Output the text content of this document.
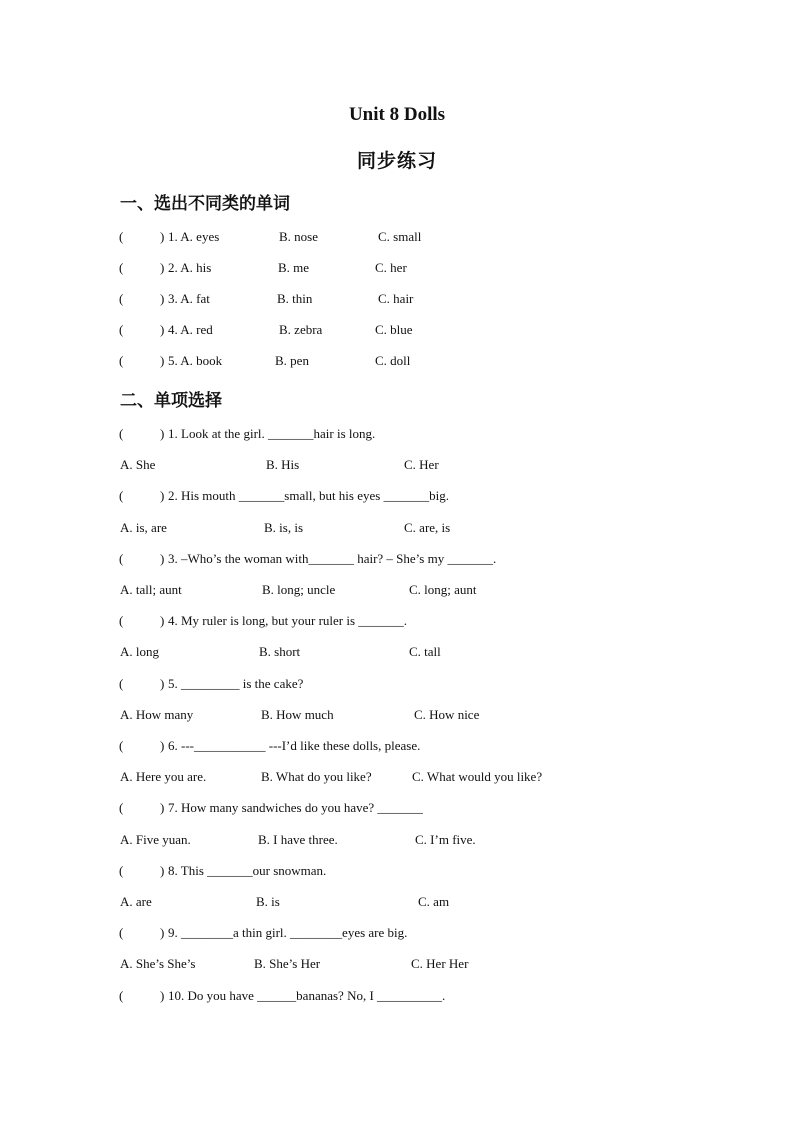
Unit 8 Dolls
同步练习
一、选出不同类的单词
(	) 1. A. eyes	B. nose	C. small
(	) 2. A. his	B. me	C. her
(	) 3. A. fat	B. thin	C. hair
(	) 4. A. red	B. zebra	C. blue
(	) 5. A. book	B. pen	C. doll
二、单项选择
(	) 1. Look at the girl. _______hair is long.
A. She	B. His	C. Her
(	) 2. His mouth _______small, but his eyes _______big.
A. is, are	B. is, is	C. are, is
(	) 3. –Who’s the woman with_______ hair? – She’s my _______.
A. tall; aunt	B. long; uncle	C. long; aunt
(	) 4. My ruler is long, but your ruler is _______.
A. long	B. short	C. tall
(	) 5. _________ is the cake?
A. How many	B. How much	C. How nice
(	) 6. ---___________ ---I’d like these dolls, please.
A. Here you are.	B. What do you like?	C. What would you like?
(	) 7. How many sandwiches do you have? _______
A. Five yuan.	B. I have three.	C. I’m five.
(	) 8. This _______our snowman.
A. are	B. is	C. am
(	) 9. ________a thin girl. ________eyes are big.
A. She’s She’s	B. She’s Her	C. Her Her
(	) 10. Do you have ______bananas? No, I __________.
